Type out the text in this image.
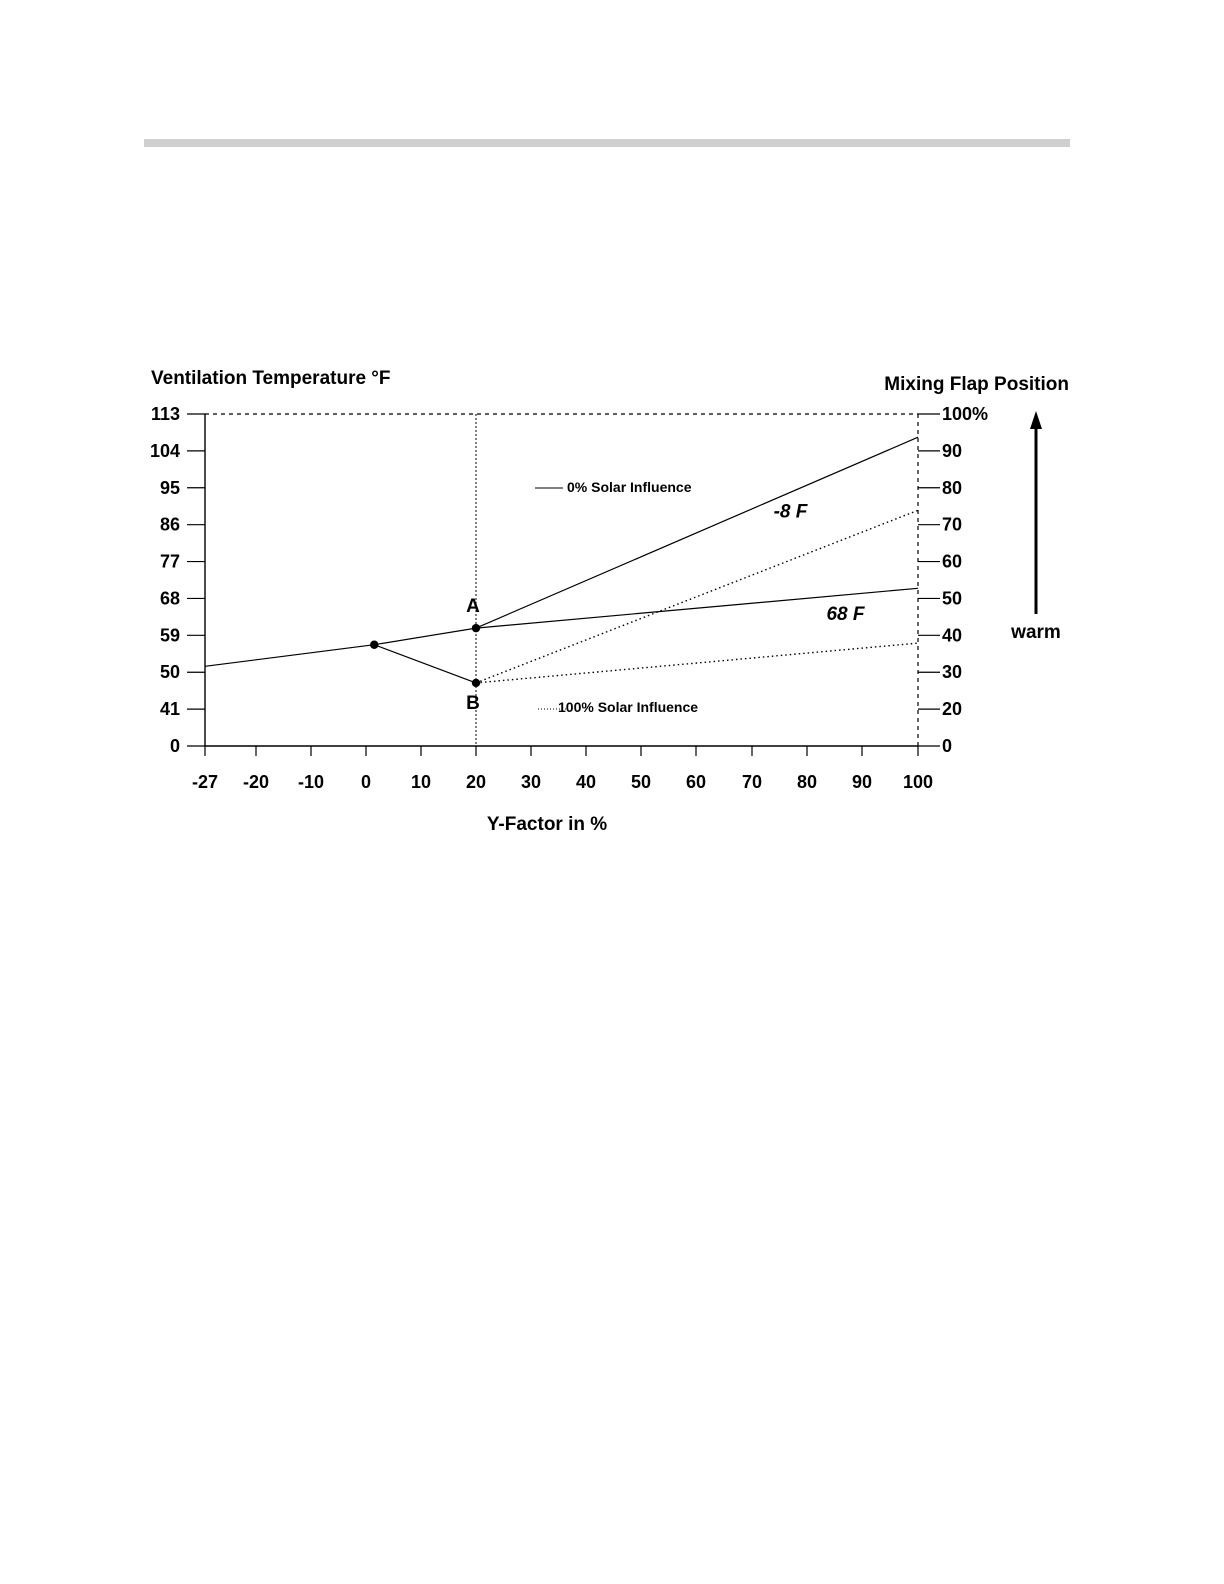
Ventilation Temperature °F	Mixing Flap Position
Y-Factor in %
-27 -20 -10 0 10 20 30 40 50 60 70 80 90 100
0
41
50
59
68
77
86
95
104
113
0
20
30
40
50
60
70
80
90
100%
A
B
-8 F
68 F
0% Solar Influence
100% Solar Influence
warm
